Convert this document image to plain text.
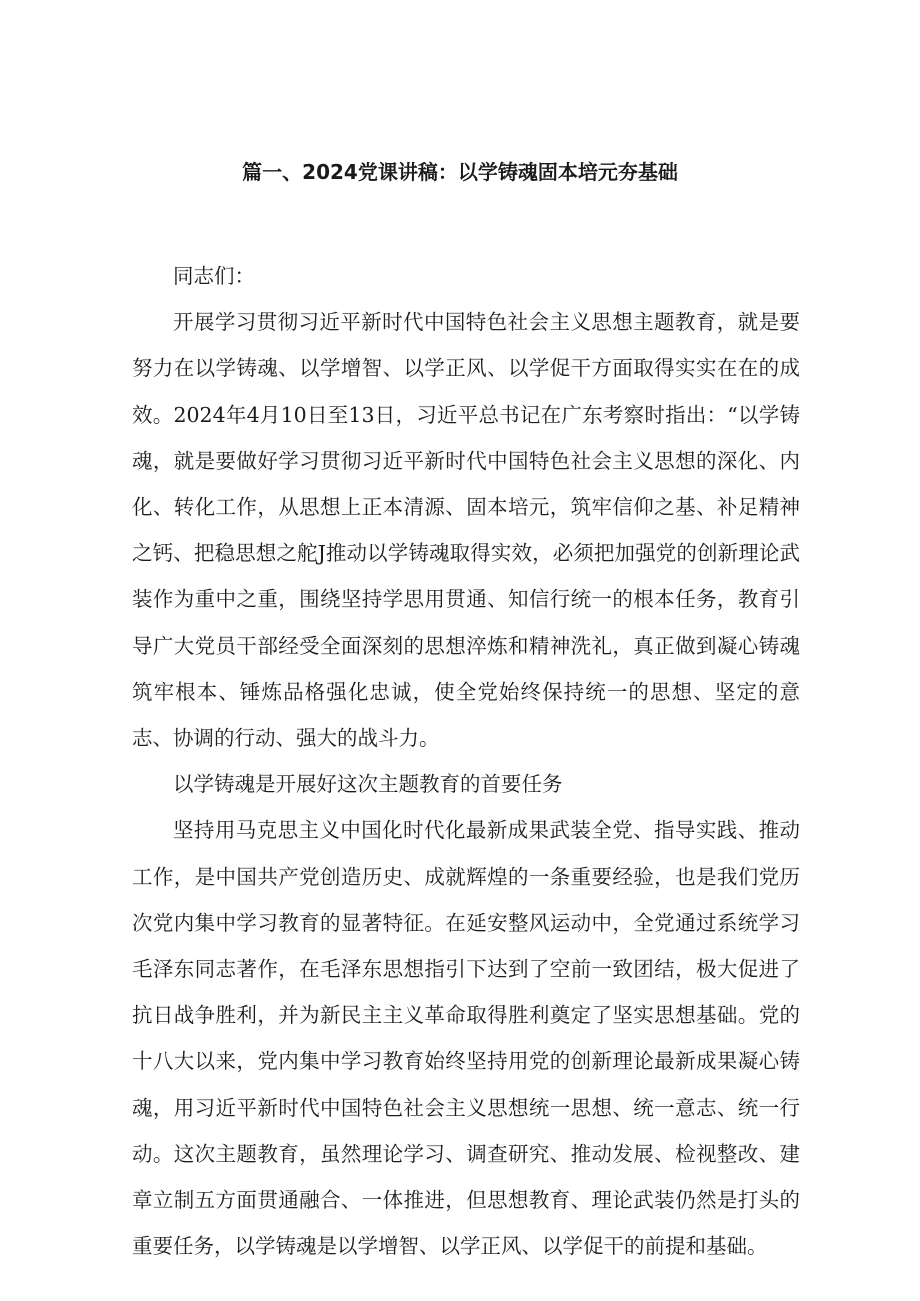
篇一、2024党课讲稿：以学铸魂固本培元夯基础

同志们：

开展学习贯彻习近平新时代中国特色社会主义思想主题教育，就是要努力在以学铸魂、以学增智、以学正风、以学促干方面取得实实在在的成效。2024年4月10日至13日，习近平总书记在广东考察时指出：“以学铸魂，就是要做好学习贯彻习近平新时代中国特色社会主义思想的深化、内化、转化工作，从思想上正本清源、固本培元，筑牢信仰之基、补足精神之钙、把稳思想之舵J推动以学铸魂取得实效，必须把加强党的创新理论武装作为重中之重，围绕坚持学思用贯通、知信行统一的根本任务，教育引导广大党员干部经受全面深刻的思想淬炼和精神洗礼，真正做到凝心铸魂筑牢根本、锤炼品格强化忠诚，使全党始终保持统一的思想、坚定的意志、协调的行动、强大的战斗力。

以学铸魂是开展好这次主题教育的首要任务

坚持用马克思主义中国化时代化最新成果武装全党、指导实践、推动工作，是中国共产党创造历史、成就辉煌的一条重要经验，也是我们党历次党内集中学习教育的显著特征。在延安整风运动中，全党通过系统学习毛泽东同志著作，在毛泽东思想指引下达到了空前一致团结，极大促进了抗日战争胜利，并为新民主主义革命取得胜利奠定了坚实思想基础。党的十八大以来，党内集中学习教育始终坚持用党的创新理论最新成果凝心铸魂，用习近平新时代中国特色社会主义思想统一思想、统一意志、统一行动。这次主题教育，虽然理论学习、调查研究、推动发展、检视整改、建章立制五方面贯通融合、一体推进，但思想教育、理论武装仍然是打头的重要任务，以学铸魂是以学增智、以学正风、以学促干的前提和基础。
